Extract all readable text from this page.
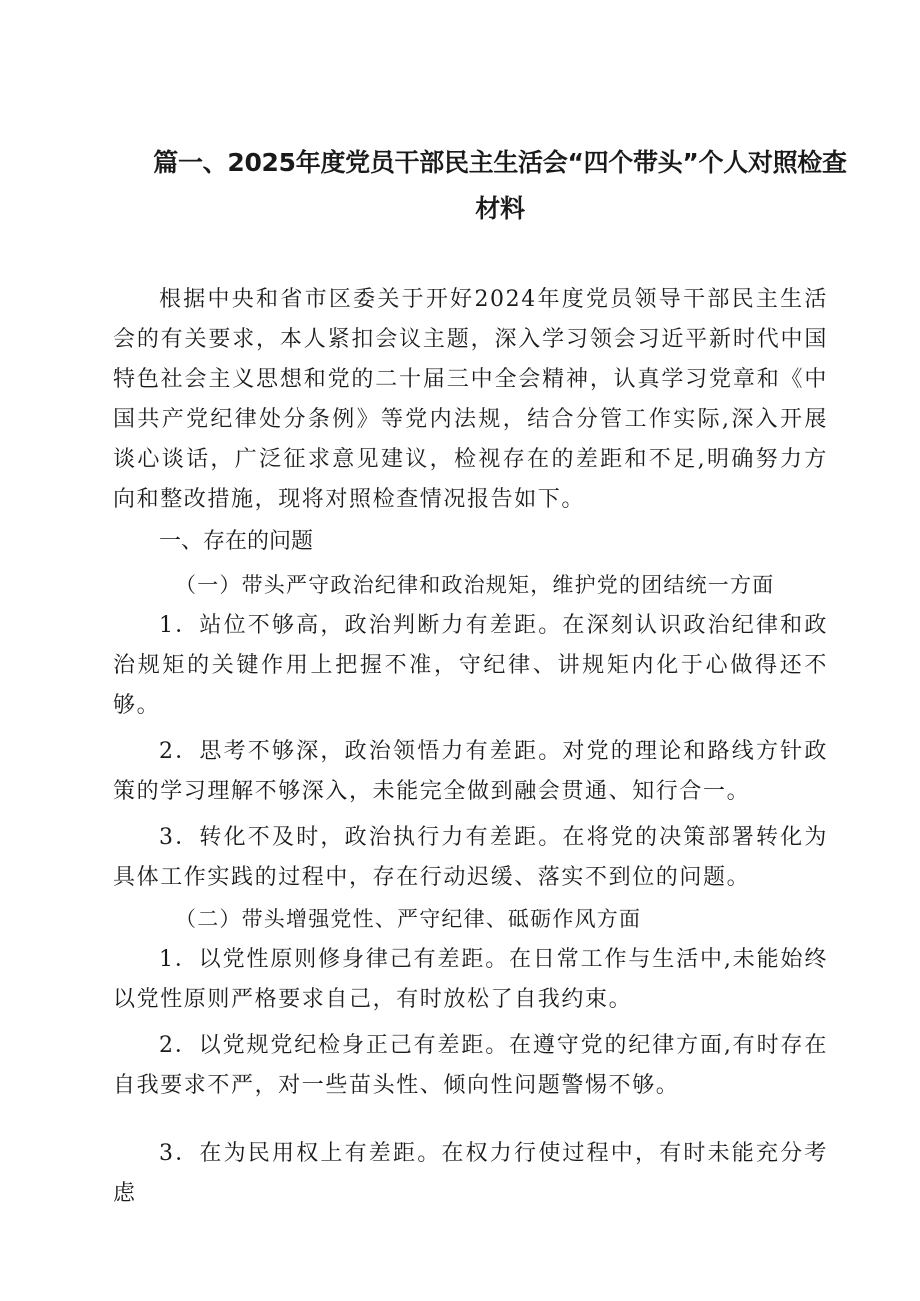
篇一、2025年度党员干部民主生活会“四个带头”个人对照检查材料

根据中央和省市区委关于开好2024年度党员领导干部民主生活会的有关要求，本人紧扣会议主题，深入学习领会习近平新时代中国特色社会主义思想和党的二十届三中全会精神，认真学习党章和《中国共产党纪律处分条例》等党内法规，结合分管工作实际,深入开展谈心谈话，广泛征求意见建议，检视存在的差距和不足,明确努力方向和整改措施，现将对照检查情况报告如下。

一、存在的问题

（一）带头严守政治纪律和政治规矩，维护党的团结统一方面

1．站位不够高，政治判断力有差距。在深刻认识政治纪律和政治规矩的关键作用上把握不准，守纪律、讲规矩内化于心做得还不够。

2．思考不够深，政治领悟力有差距。对党的理论和路线方针政策的学习理解不够深入，未能完全做到融会贯通、知行合一。

3．转化不及时，政治执行力有差距。在将党的决策部署转化为具体工作实践的过程中，存在行动迟缓、落实不到位的问题。

（二）带头增强党性、严守纪律、砥砺作风方面

1．以党性原则修身律己有差距。在日常工作与生活中,未能始终以党性原则严格要求自己，有时放松了自我约束。

2．以党规党纪检身正己有差距。在遵守党的纪律方面,有时存在自我要求不严，对一些苗头性、倾向性问题警惕不够。

3．在为民用权上有差距。在权力行使过程中，有时未能充分考虑
